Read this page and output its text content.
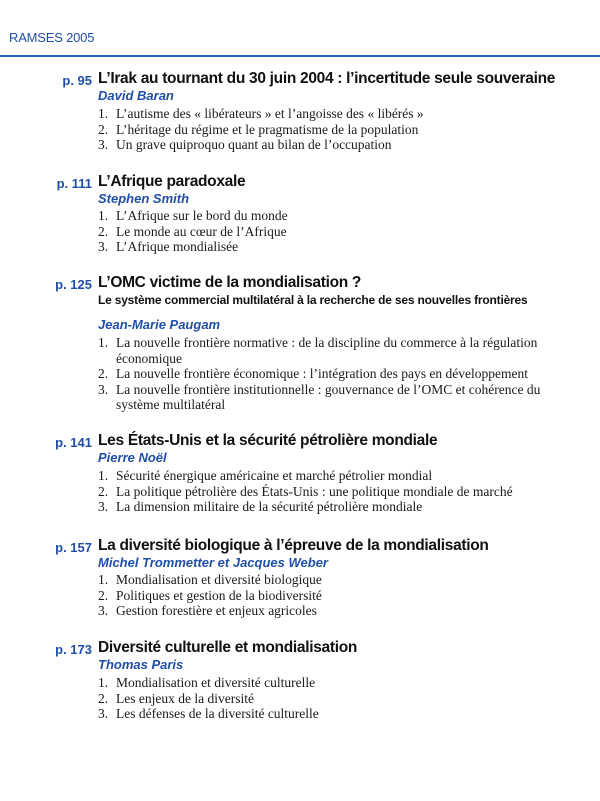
RAMSES 2005
p. 95 L’Irak au tournant du 30 juin 2004 : l’incertitude seule souveraine
David Baran
1. L’autisme des « libérateurs » et l’angoisse des « libérés »
2. L’héritage du régime et le pragmatisme de la population
3. Un grave quiproquo quant au bilan de l’occupation
p. 111 L’Afrique paradoxale
Stephen Smith
1. L’Afrique sur le bord du monde
2. Le monde au cœur de l’Afrique
3. L’Afrique mondialisée
p. 125 L’OMC victime de la mondialisation ?
Le système commercial multilatéral à la recherche de ses nouvelles frontières
Jean-Marie Paugam
1. La nouvelle frontière normative : de la discipline du commerce à la régulation économique
2. La nouvelle frontière économique : l’intégration des pays en développement
3. La nouvelle frontière institutionnelle : gouvernance de l’OMC et cohérence du système multilatéral
p. 141 Les États-Unis et la sécurité pétrolière mondiale
Pierre Noël
1. Sécurité énergique américaine et marché pétrolier mondial
2. La politique pétrolière des États-Unis : une politique mondiale de marché
3. La dimension militaire de la sécurité pétrolière mondiale
p. 157 La diversité biologique à l’épreuve de la mondialisation
Michel Trommetter et Jacques Weber
1. Mondialisation et diversité biologique
2. Politiques et gestion de la biodiversité
3. Gestion forestière et enjeux agricoles
p. 173 Diversité culturelle et mondialisation
Thomas Paris
1. Mondialisation et diversité culturelle
2. Les enjeux de la diversité
3. Les défenses de la diversité culturelle
